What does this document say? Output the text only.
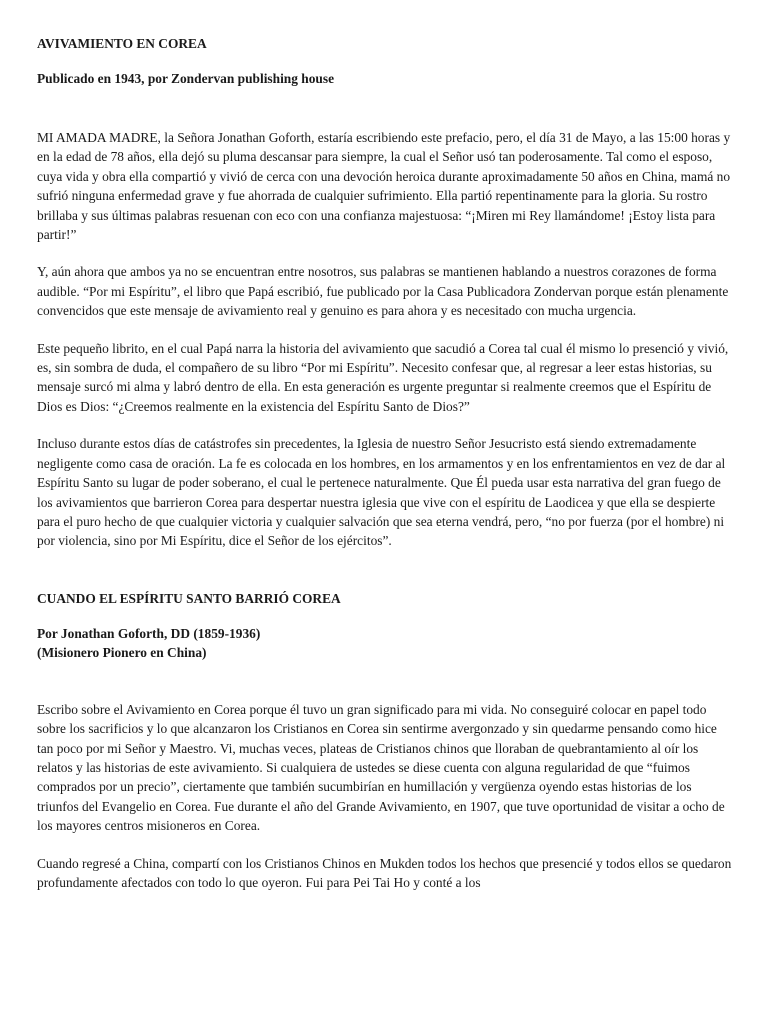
AVIVAMIENTO EN COREA

Publicado en 1943, por Zondervan publishing house

MI AMADA MADRE, la Señora Jonathan Goforth, estaría escribiendo este prefacio, pero, el día 31 de Mayo, a las 15:00 horas y en la edad de 78 años, ella dejó su pluma descansar para siempre, la cual el Señor usó tan poderosamente. Tal como el esposo, cuya vida y obra ella compartió y vivió de cerca con una devoción heroica durante aproximadamente 50 años en China, mamá no sufrió ninguna enfermedad grave y fue ahorrada de cualquier sufrimiento. Ella partió repentinamente para la gloria. Su rostro brillaba y sus últimas palabras resuenan con eco con una confianza majestuosa: “¡Miren mi Rey llamándome! ¡Estoy lista para partir!”

Y, aún ahora que ambos ya no se encuentran entre nosotros, sus palabras se mantienen hablando a nuestros corazones de forma audible. “Por mi Espíritu”, el libro que Papá escribió, fue publicado por la Casa Publicadora Zondervan porque están plenamente convencidos que este mensaje de avivamiento real y genuino es para ahora y es necesitado con mucha urgencia.

Este pequeño librito, en el cual Papá narra la historia del avivamiento que sacudió a Corea tal cual él mismo lo presenció y vivió, es, sin sombra de duda, el compañero de su libro “Por mi Espíritu”. Necesito confesar que, al regresar a leer estas historias, su mensaje surcó mi alma y labró dentro de ella. En esta generación es urgente preguntar si realmente creemos que el Espíritu de Dios es Dios: “¿Creemos realmente en la existencia del Espíritu Santo de Dios?”

Incluso durante estos días de catástrofes sin precedentes, la Iglesia de nuestro Señor Jesucristo está siendo extremadamente negligente como casa de oración. La fe es colocada en los hombres, en los armamentos y en los enfrentamientos en vez de dar al Espíritu Santo su lugar de poder soberano, el cual le pertenece naturalmente. Que Él pueda usar esta narrativa del gran fuego de los avivamientos que barrieron Corea para despertar nuestra iglesia que vive con el espíritu de Laodicea y que ella se despierte para el puro hecho de que cualquier victoria y cualquier salvación que sea eterna vendrá, pero, “no por fuerza (por el hombre) ni por violencia, sino por Mi Espíritu, dice el Señor de los ejércitos”.

CUANDO EL ESPÍRITU SANTO BARRIÓ COREA

Por Jonathan Goforth, DD (1859-1936)

(Misionero Pionero en China)

Escribo sobre el Avivamiento en Corea porque él tuvo un gran significado para mi vida. No conseguiré colocar en papel todo sobre los sacrificios y lo que alcanzaron los Cristianos en Corea sin sentirme avergonzado y sin quedarme pensando como hice tan poco por mi Señor y Maestro. Vi, muchas veces, plateas de Cristianos chinos que lloraban de quebrantamiento al oír los relatos y las historias de este avivamiento. Si cualquiera de ustedes se diese cuenta con alguna regularidad de que “fuimos comprados por un precio”, ciertamente que también sucumbirían en humillación y vergüenza oyendo estas historias de los triunfos del Evangelio en Corea. Fue durante el año del Grande Avivamiento, en 1907, que tuve oportunidad de visitar a ocho de los mayores centros misioneros en Corea.

Cuando regresé a China, compartí con los Cristianos Chinos en Mukden todos los hechos que presencié y todos ellos se quedaron profundamente afectados con todo lo que oyeron. Fui para Pei Tai Ho y conté a los
